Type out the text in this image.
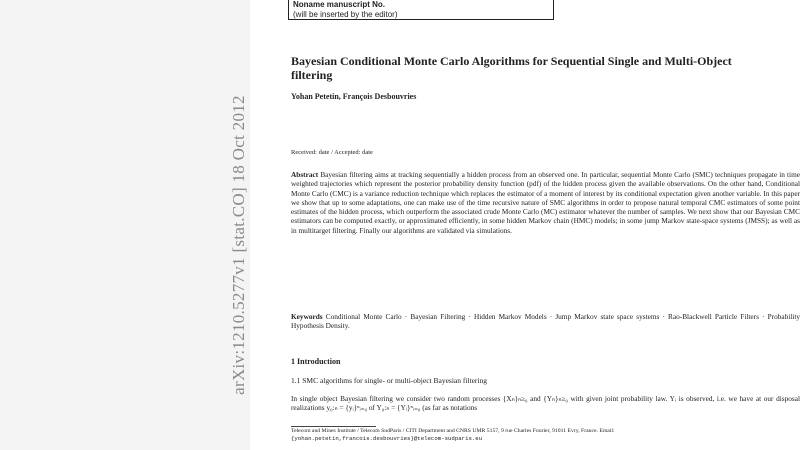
arXiv:1210.5277v1 [stat.CO] 18 Oct 2012
Noname manuscript No.
(will be inserted by the editor)
Bayesian Conditional Monte Carlo Algorithms for Sequential Single and Multi-Object filtering
Yohan Petetin, François Desbouvries
Received: date / Accepted: date
Abstract Bayesian filtering aims at tracking sequentially a hidden process from an observed one. In particular, sequential Monte Carlo (SMC) techniques propagate in time weighted trajectories which represent the posterior probability density function (pdf) of the hidden process given the available observations. On the other hand, Conditional Monte Carlo (CMC) is a variance reduction technique which replaces the estimator of a moment of interest by its conditional expectation given another variable. In this paper we show that up to some adaptations, one can make use of the time recursive nature of SMC algorithms in order to propose natural temporal CMC estimators of some point estimates of the hidden process, which outperform the associated crude Monte Carlo (MC) estimator whatever the number of samples. We next show that our Bayesian CMC estimators can be computed exactly, or approximated efficiently, in some hidden Markov chain (HMC) models; in some jump Markov state-space systems (JMSS); as well as in multitarget filtering. Finally our algorithms are validated via simulations.
Keywords Conditional Monte Carlo · Bayesian Filtering · Hidden Markov Models · Jump Markov state space systems · Rao-Blackwell Particle Filters · Probability Hypothesis Density.
1 Introduction
1.1 SMC algorithms for single- or multi-object Bayesian filtering
In single object Bayesian filtering we consider two random processes {Xₙ}ₙ≥₀ and {Yₙ}ₙ≥₀ with given joint probability law. Yᵢ is observed, i.e. we have at our disposal realizations y₀:ₙ = {yᵢ}ⁿᵢ₌₀ of Y₀:ₙ = {Yᵢ}ⁿᵢ₌₀ (as far as notations
Telecom and Mines Institute / Telecom SudParis / CITI Department and CNRS UMR 5157, 9 rue Charles Fourier, 91011 Evry, France. Email:
{yohan.petetin,francois.desbouvries}@telecom-sudparis.eu
